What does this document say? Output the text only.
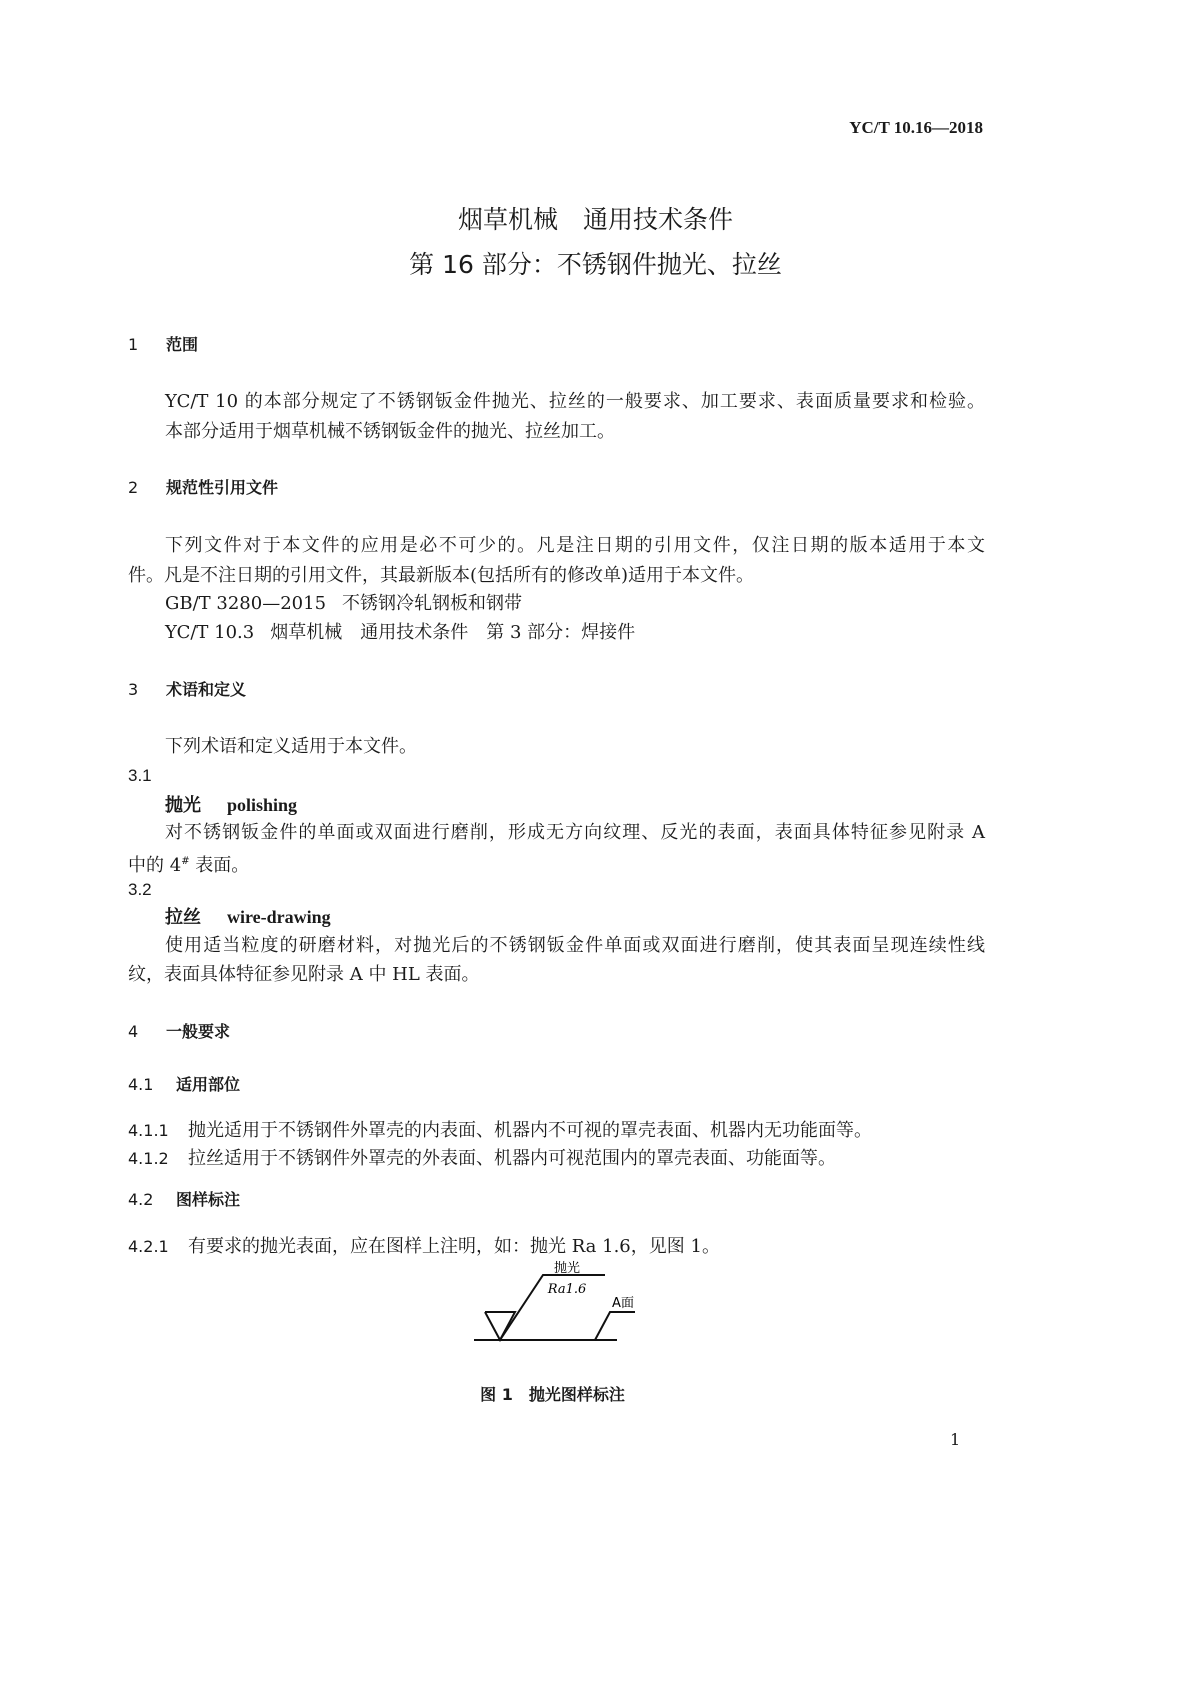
YC/T 10.16—2018
烟草机械　通用技术条件
第 16 部分：不锈钢件抛光、拉丝
1 范围
YC/T 10 的本部分规定了不锈钢钣金件抛光、拉丝的一般要求、加工要求、表面质量要求和检验。
本部分适用于烟草机械不锈钢钣金件的抛光、拉丝加工。
2 规范性引用文件
下列文件对于本文件的应用是必不可少的。凡是注日期的引用文件，仅注日期的版本适用于本文
件。凡是不注日期的引用文件，其最新版本(包括所有的修改单)适用于本文件。
GB/T 3280—2015 不锈钢冷轧钢板和钢带
YC/T 10.3 烟草机械　通用技术条件　第 3 部分：焊接件
3 术语和定义
下列术语和定义适用于本文件。
3.1
抛光 polishing
对不锈钢钣金件的单面或双面进行磨削，形成无方向纹理、反光的表面，表面具体特征参见附录 A
中的 4# 表面。
3.2
拉丝 wire-drawing
使用适当粒度的研磨材料，对抛光后的不锈钢钣金件单面或双面进行磨削，使其表面呈现连续性线
纹，表面具体特征参见附录 A 中 HL 表面。
4 一般要求
4.1 适用部位
4.1.1 抛光适用于不锈钢件外罩壳的内表面、机器内不可视的罩壳表面、机器内无功能面等。
4.1.2 拉丝适用于不锈钢件外罩壳的外表面、机器内可视范围内的罩壳表面、功能面等。
4.2 图样标注
4.2.1 有要求的抛光表面，应在图样上注明，如：抛光 Ra 1.6，见图 1。
抛光
Ra1.6
A面
图 1 抛光图样标注
1
